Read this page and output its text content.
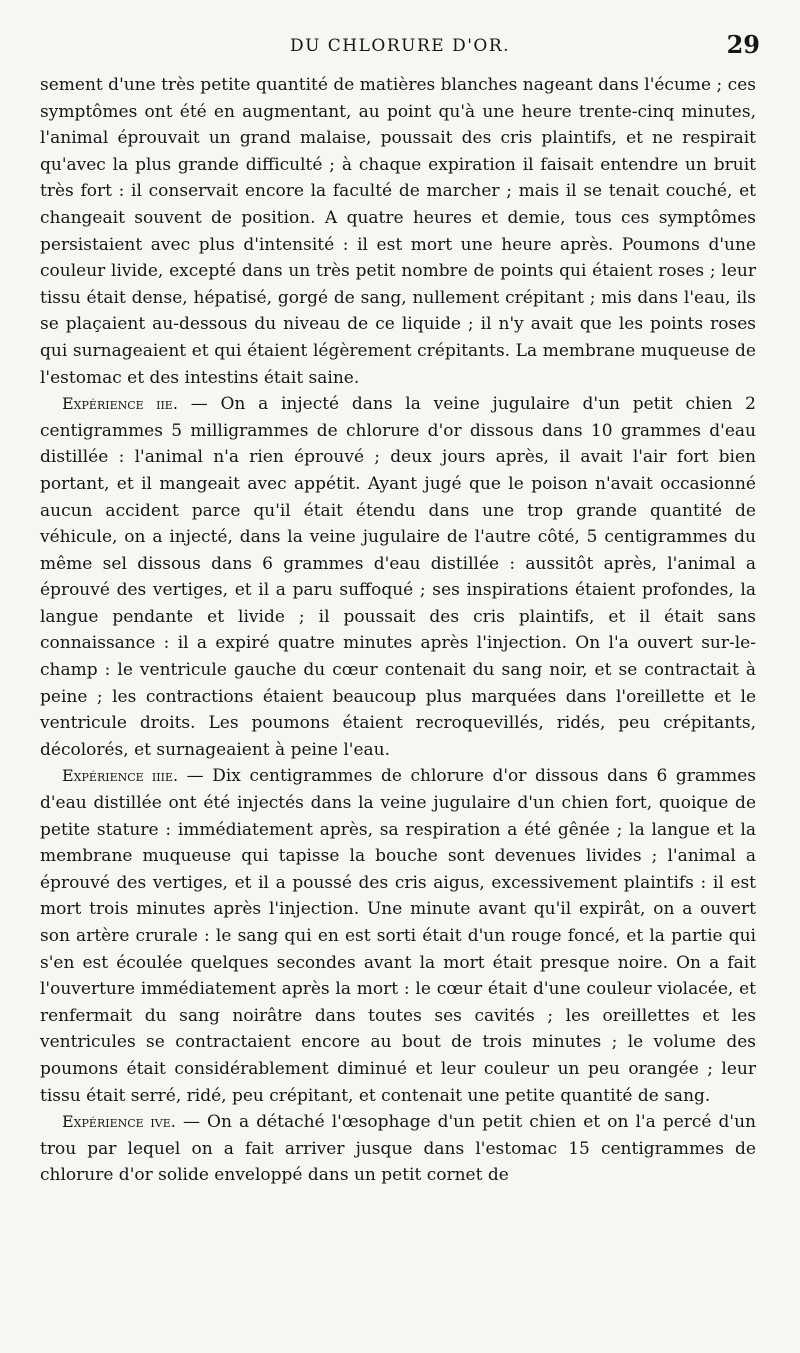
DU CHLORURE D'OR.	29

sement d'une très petite quantité de matières blanches nageant dans l'écume ; ces symptômes ont été en augmentant, au point qu'à une heure trente-cinq minutes, l'animal éprouvait un grand malaise, poussait des cris plaintifs, et ne respirait qu'avec la plus grande difficulté ; à chaque expiration il faisait entendre un bruit très fort : il conservait encore la faculté de marcher ; mais il se tenait couché, et changeait souvent de position. A quatre heures et demie, tous ces symptômes persistaient avec plus d'intensité : il est mort une heure après. Poumons d'une couleur livide, excepté dans un très petit nombre de points qui étaient roses ; leur tissu était dense, hépatisé, gorgé de sang, nullement crépitant ; mis dans l'eau, ils se plaçaient au-dessous du niveau de ce liquide ; il n'y avait que les points roses qui surnageaient et qui étaient légèrement crépitants. La membrane muqueuse de l'estomac et des intestins était saine.

Expérience iie. — On a injecté dans la veine jugulaire d'un petit chien 2 centigrammes 5 milligrammes de chlorure d'or dissous dans 10 grammes d'eau distillée : l'animal n'a rien éprouvé ; deux jours après, il avait l'air fort bien portant, et il mangeait avec appétit. Ayant jugé que le poison n'avait occasionné aucun accident parce qu'il était étendu dans une trop grande quantité de véhicule, on a injecté, dans la veine jugulaire de l'autre côté, 5 centigrammes du même sel dissous dans 6 grammes d'eau distillée : aussitôt après, l'animal a éprouvé des vertiges, et il a paru suffoqué ; ses inspirations étaient profondes, la langue pendante et livide ; il poussait des cris plaintifs, et il était sans connaissance : il a expiré quatre minutes après l'injection. On l'a ouvert sur-le-champ : le ventricule gauche du cœur contenait du sang noir, et se contractait à peine ; les contractions étaient beaucoup plus marquées dans l'oreillette et le ventricule droits. Les poumons étaient recroquevillés, ridés, peu crépitants, décolorés, et surnageaient à peine l'eau.

Expérience iiie. — Dix centigrammes de chlorure d'or dissous dans 6 grammes d'eau distillée ont été injectés dans la veine jugulaire d'un chien fort, quoique de petite stature : immédiatement après, sa respiration a été gênée ; la langue et la membrane muqueuse qui tapisse la bouche sont devenues livides ; l'animal a éprouvé des vertiges, et il a poussé des cris aigus, excessivement plaintifs : il est mort trois minutes après l'injection. Une minute avant qu'il expirât, on a ouvert son artère crurale : le sang qui en est sorti était d'un rouge foncé, et la partie qui s'en est écoulée quelques secondes avant la mort était presque noire. On a fait l'ouverture immédiatement après la mort : le cœur était d'une couleur violacée, et renfermait du sang noirâtre dans toutes ses cavités ; les oreillettes et les ventricules se contractaient encore au bout de trois minutes ; le volume des poumons était considérablement diminué et leur couleur un peu orangée ; leur tissu était serré, ridé, peu crépitant, et contenait une petite quantité de sang.

Expérience ive. — On a détaché l'œsophage d'un petit chien et on l'a percé d'un trou par lequel on a fait arriver jusque dans l'estomac 15 centigrammes de chlorure d'or solide enveloppé dans un petit cornet de
